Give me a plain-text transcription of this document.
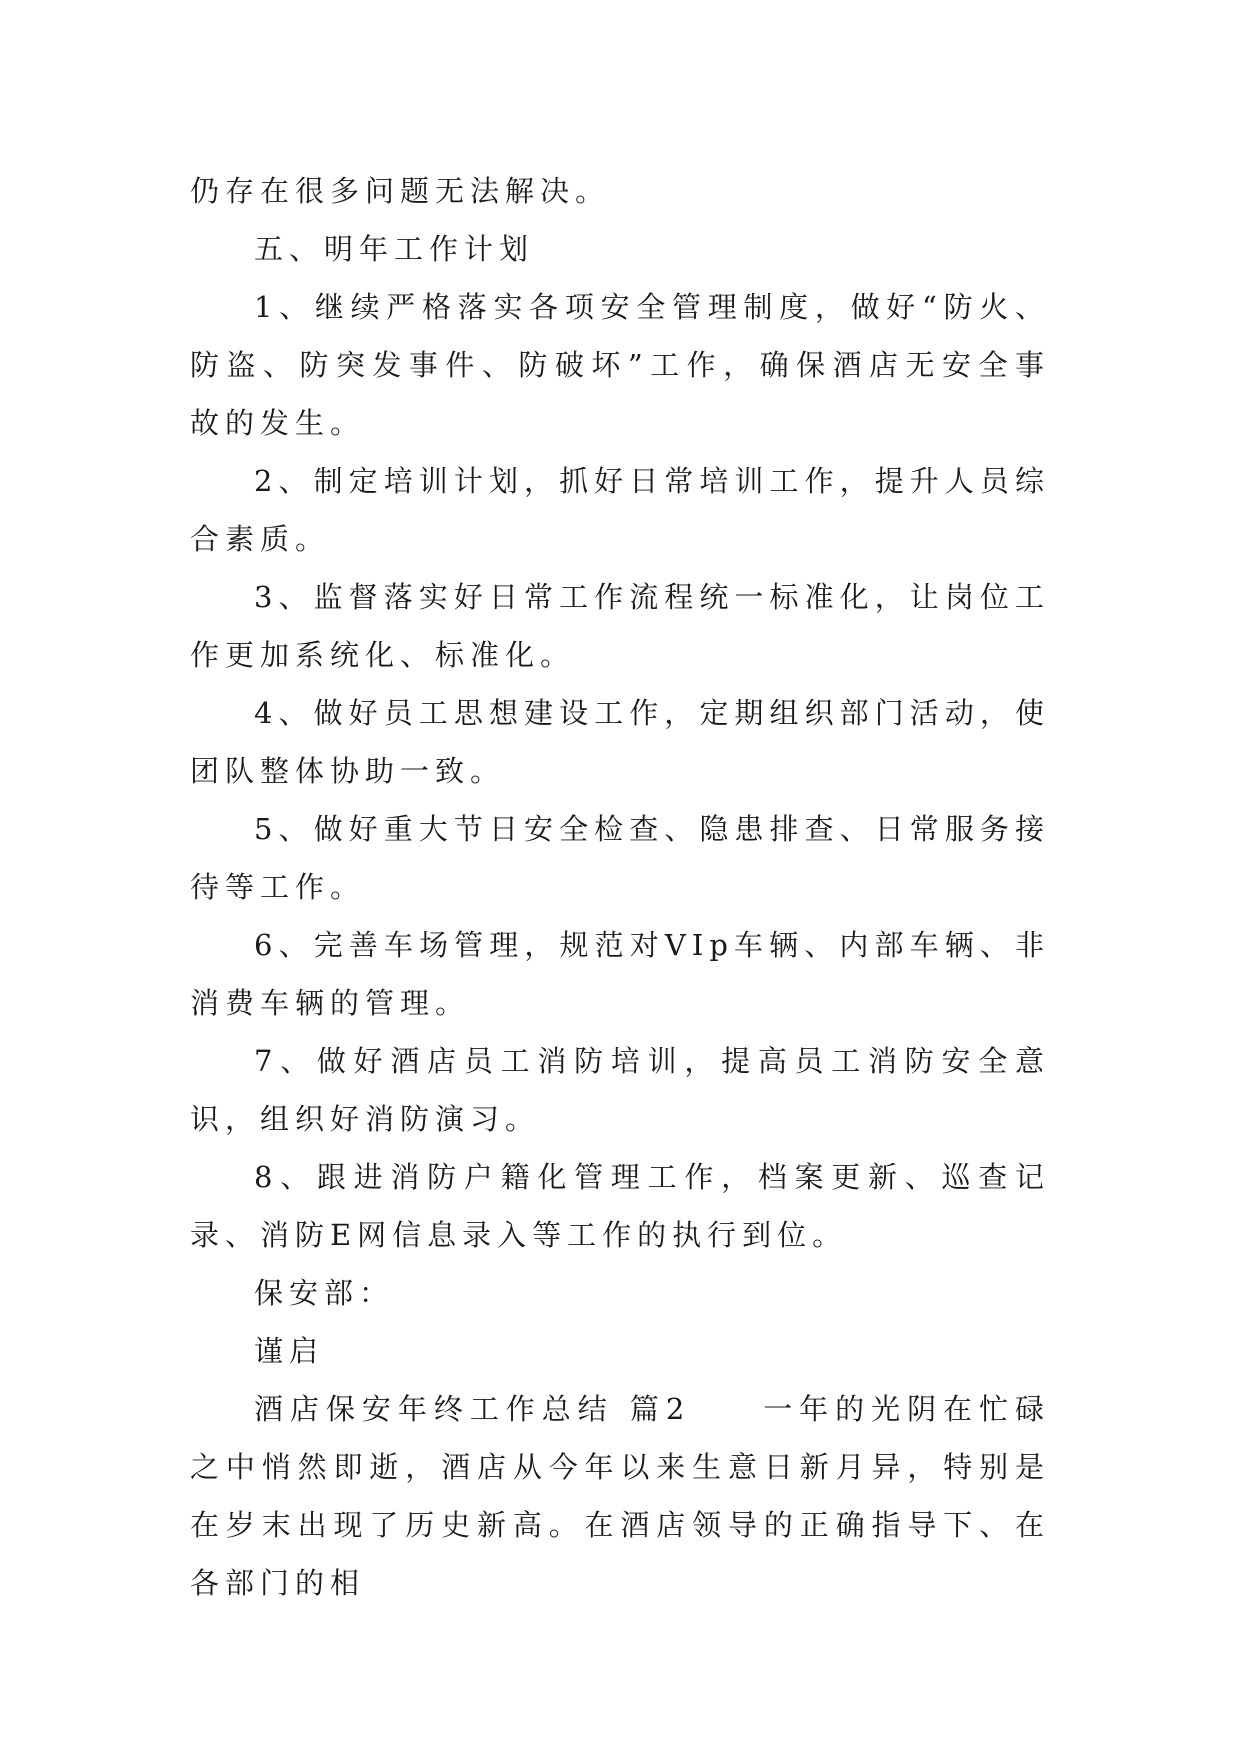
仍存在很多问题无法解决。

五、明年工作计划

1、继续严格落实各项安全管理制度，做好“防火、防盗、防突发事件、防破坏”工作，确保酒店无安全事故的发生。

2、制定培训计划，抓好日常培训工作，提升人员综合素质。

3、监督落实好日常工作流程统一标准化，让岗位工作更加系统化、标准化。

4、做好员工思想建设工作，定期组织部门活动，使团队整体协助一致。

5、做好重大节日安全检查、隐患排查、日常服务接待等工作。

6、完善车场管理，规范对VIp车辆、内部车辆、非消费车辆的管理。

7、做好酒店员工消防培训，提高员工消防安全意识，组织好消防演习。

8、跟进消防户籍化管理工作，档案更新、巡查记录、消防E网信息录入等工作的执行到位。

保安部：

谨启

酒店保安年终工作总结 篇2　　一年的光阴在忙碌之中悄然即逝，酒店从今年以来生意日新月异，特别是在岁末出现了历史新高。在酒店领导的正确指导下、在各部门的相
